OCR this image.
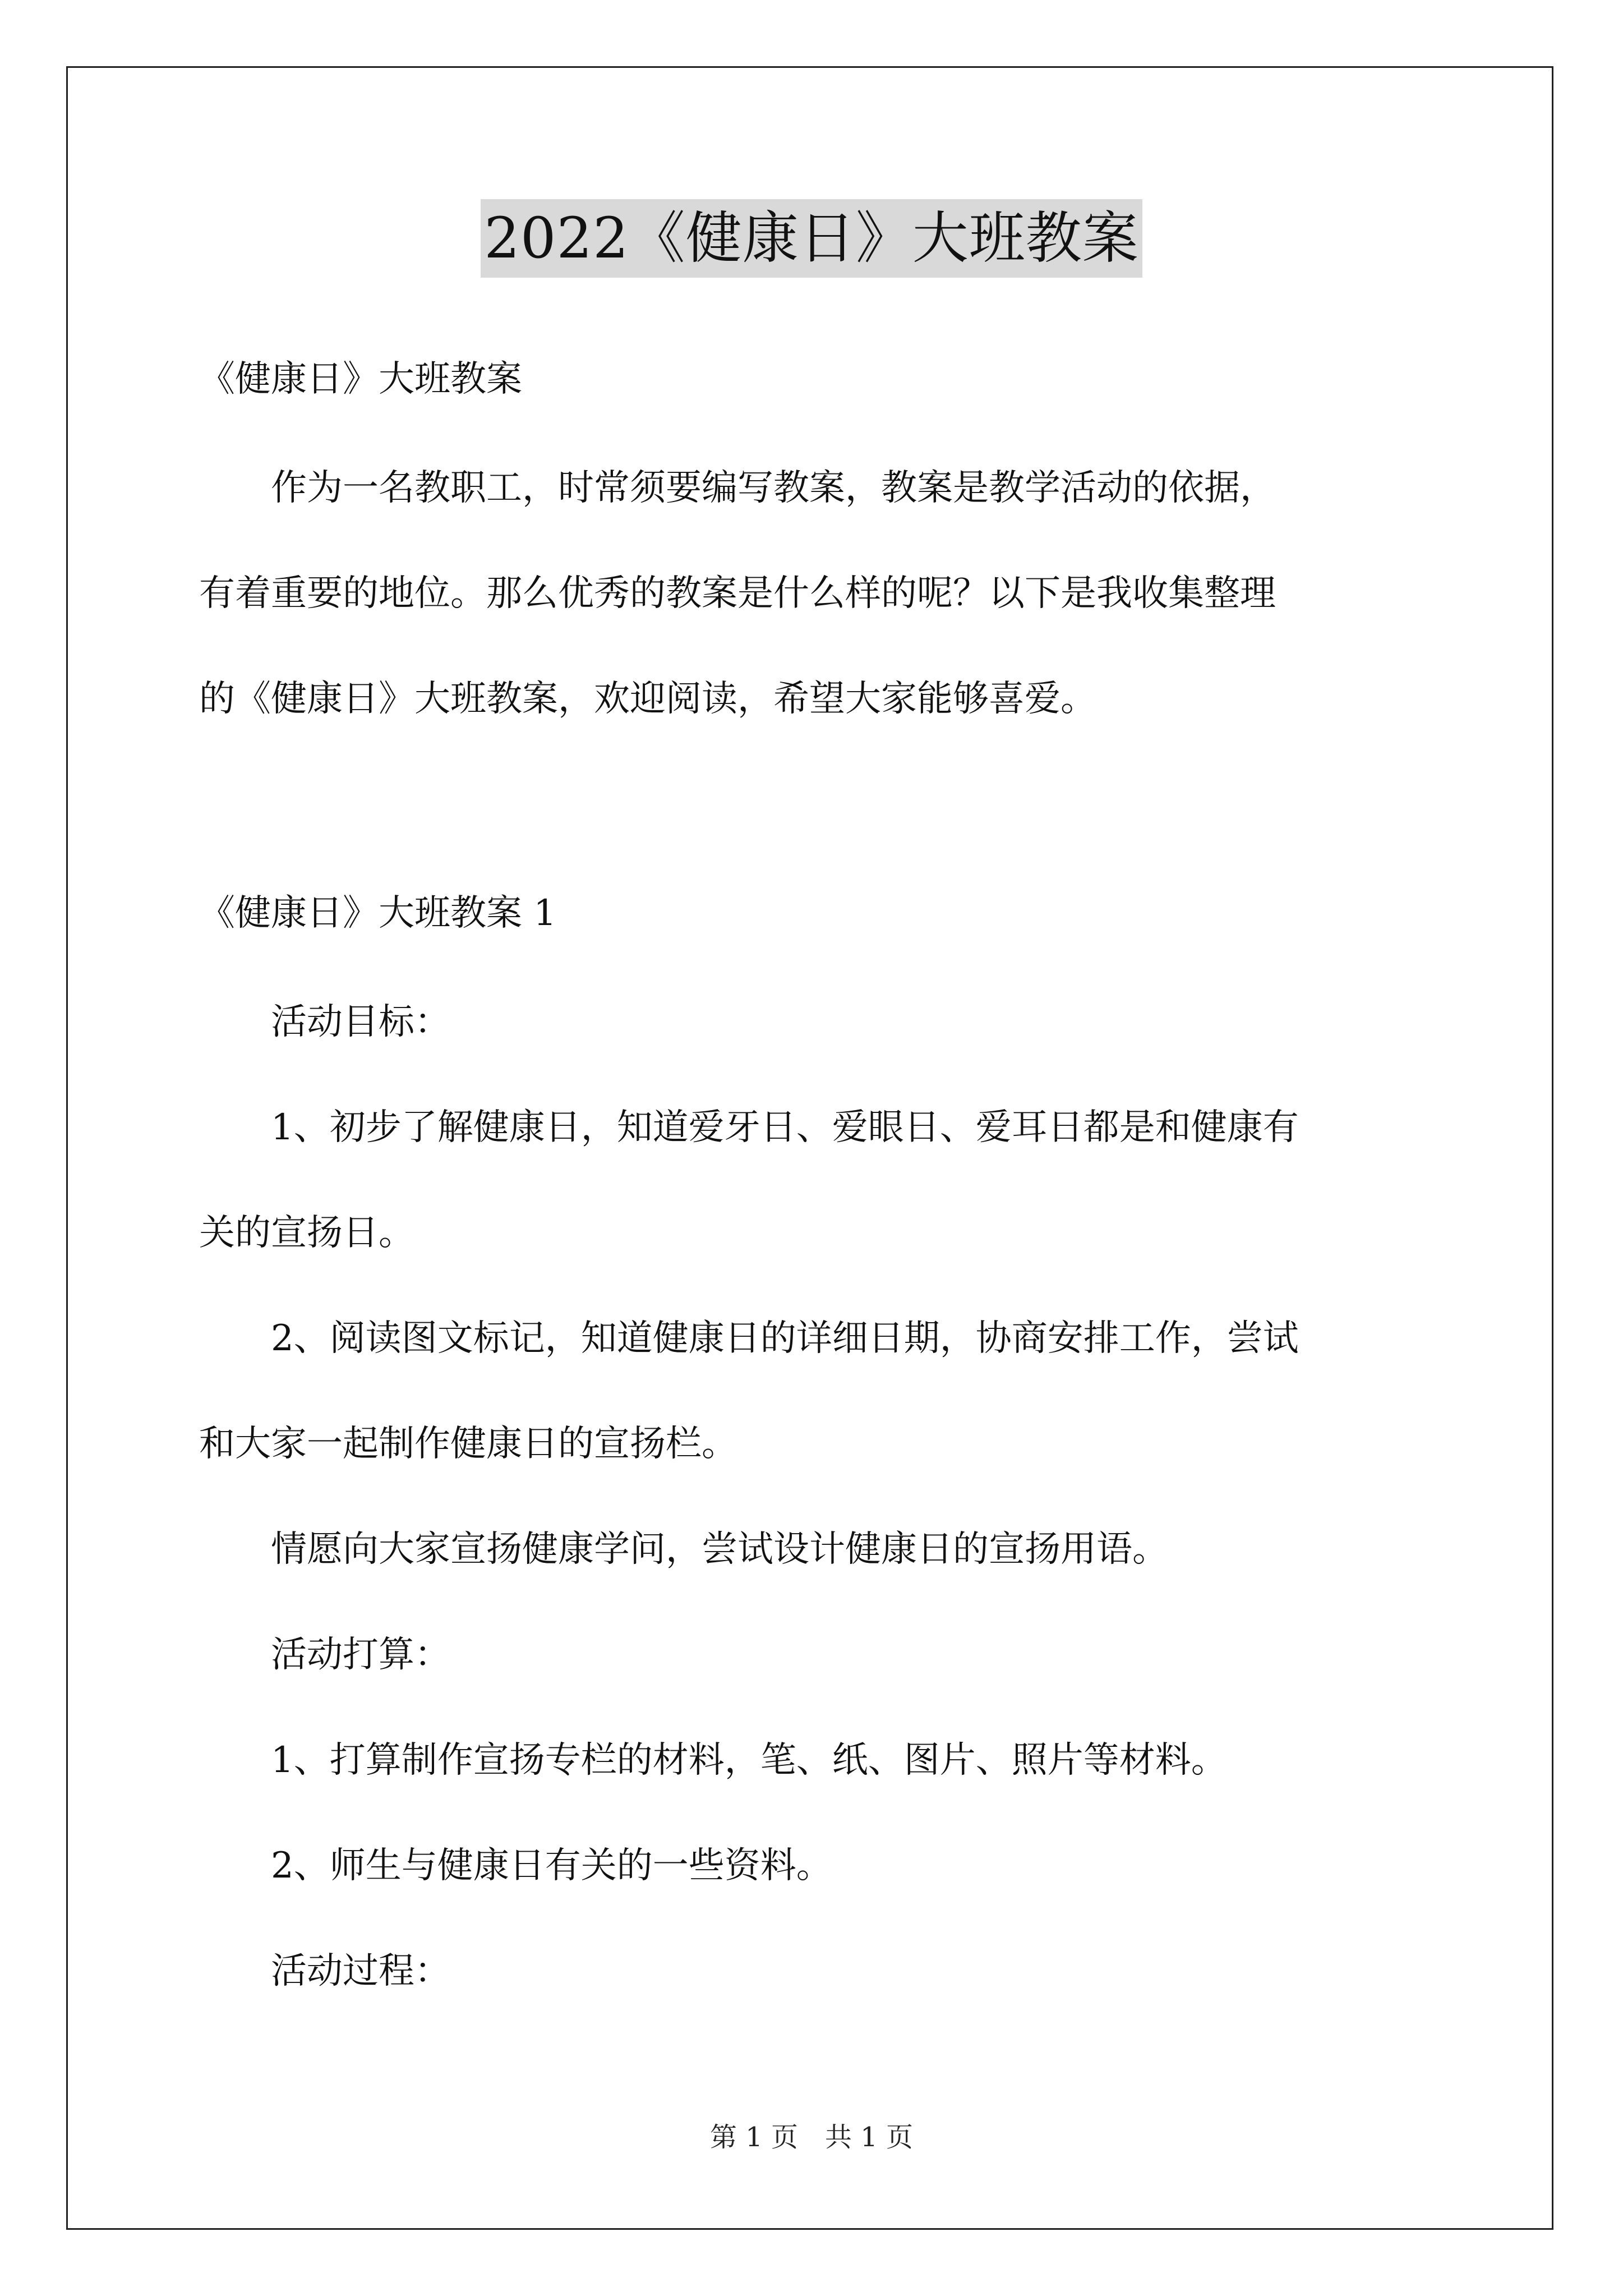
2022《健康日》大班教案
《健康日》大班教案
　　作为一名教职工，时常须要编写教案，教案是教学活动的依据，
有着重要的地位。那么优秀的教案是什么样的呢？以下是我收集整理
的《健康日》大班教案，欢迎阅读，希望大家能够喜爱。
《健康日》大班教案 1
　　活动目标：
　　1、初步了解健康日，知道爱牙日、爱眼日、爱耳日都是和健康有
关的宣扬日。
　　2、阅读图文标记，知道健康日的详细日期，协商安排工作，尝试
和大家一起制作健康日的宣扬栏。
　　情愿向大家宣扬健康学问，尝试设计健康日的宣扬用语。
　　活动打算：
　　1、打算制作宣扬专栏的材料，笔、纸、图片、照片等材料。
　　2、师生与健康日有关的一些资料。
　　活动过程：
第 1 页　共 1 页
